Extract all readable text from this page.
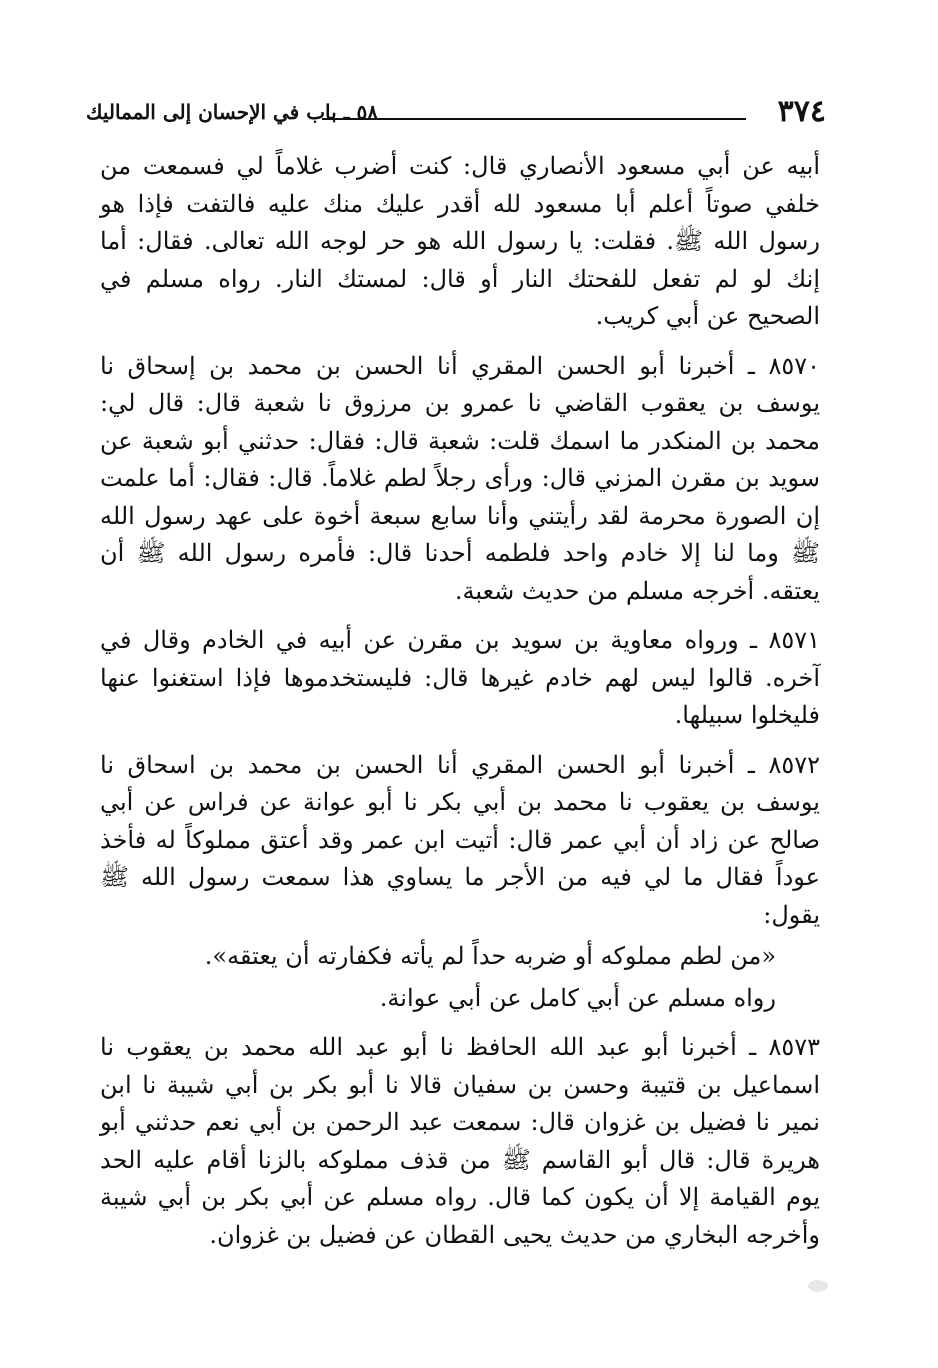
٣٧٤
٥٨ ـ باب في الإحسان إلى المماليك

أبيه عن أبي مسعود الأنصاري قال: كنت أضرب غلاماً لي فسمعت من خلفي صوتاً أعلم أبا مسعود لله أقدر عليك منك عليه فالتفت فإذا هو رسول الله ﷺ. فقلت: يا رسول الله هو حر لوجه الله تعالى. فقال: أما إنك لو لم تفعل للفحتك النار أو قال: لمستك النار. رواه مسلم في الصحيح عن أبي كريب.

٨٥٧٠ ـ أخبرنا أبو الحسن المقري أنا الحسن بن محمد بن إسحاق نا يوسف بن يعقوب القاضي نا عمرو بن مرزوق نا شعبة قال: قال لي: محمد بن المنكدر ما اسمك قلت: شعبة قال: فقال: حدثني أبو شعبة عن سويد بن مقرن المزني قال: ورأى رجلاً لطم غلاماً. قال: فقال: أما علمت إن الصورة محرمة لقد رأيتني وأنا سابع سبعة أخوة على عهد رسول الله ﷺ وما لنا إلا خادم واحد فلطمه أحدنا قال: فأمره رسول الله ﷺ أن يعتقه. أخرجه مسلم من حديث شعبة.

٨٥٧١ ـ ورواه معاوية بن سويد بن مقرن عن أبيه في الخادم وقال في آخره. قالوا ليس لهم خادم غيرها قال: فليستخدموها فإذا استغنوا عنها فليخلوا سبيلها.

٨٥٧٢ ـ أخبرنا أبو الحسن المقري أنا الحسن بن محمد بن اسحاق نا يوسف بن يعقوب نا محمد بن أبي بكر نا أبو عوانة عن فراس عن أبي صالح عن زاد أن أبي عمر قال: أتيت ابن عمر وقد أعتق مملوكاً له فأخذ عوداً فقال ما لي فيه من الأجر ما يساوي هذا سمعت رسول الله ﷺ يقول:

«من لطم مملوكه أو ضربه حداً لم يأته فكفارته أن يعتقه».

رواه مسلم عن أبي كامل عن أبي عوانة.

٨٥٧٣ ـ أخبرنا أبو عبد الله الحافظ نا أبو عبد الله محمد بن يعقوب نا اسماعيل بن قتيبة وحسن بن سفيان قالا نا أبو بكر بن أبي شيبة نا ابن نمير نا فضيل بن غزوان قال: سمعت عبد الرحمن بن أبي نعم حدثني أبو هريرة قال: قال أبو القاسم ﷺ من قذف مملوكه بالزنا أقام عليه الحد يوم القيامة إلا أن يكون كما قال. رواه مسلم عن أبي بكر بن أبي شيبة وأخرجه البخاري من حديث يحيى القطان عن فضيل بن غزوان.
